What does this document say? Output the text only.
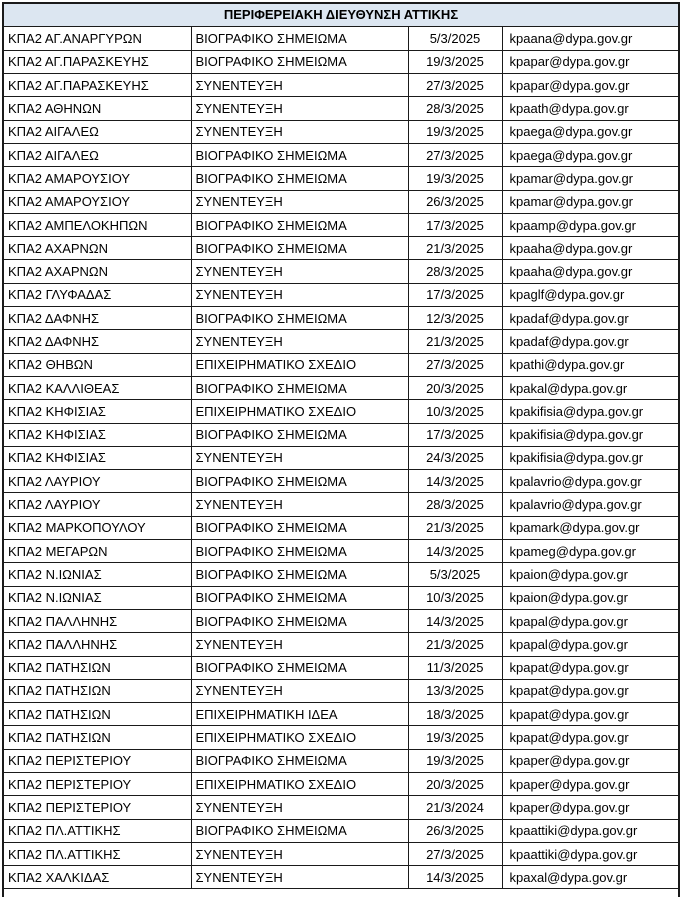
ΠΕΡΙΦΕΡΕΙΑΚΗ ΔΙΕΥΘΥΝΣΗ ΑΤΤΙΚΗΣ
ΚΠΑ2 ΑΓ.ΑΝΑΡΓΥΡΩΝ	ΒΙΟΓΡΑΦΙΚΟ ΣΗΜΕΙΩΜΑ	5/3/2025	kpaana@dypa.gov.gr
ΚΠΑ2 ΑΓ.ΠΑΡΑΣΚΕΥΗΣ	ΒΙΟΓΡΑΦΙΚΟ ΣΗΜΕΙΩΜΑ	19/3/2025	kpapar@dypa.gov.gr
ΚΠΑ2 ΑΓ.ΠΑΡΑΣΚΕΥΗΣ	ΣΥΝΕΝΤΕΥΞΗ	27/3/2025	kpapar@dypa.gov.gr
ΚΠΑ2 ΑΘΗΝΩΝ	ΣΥΝΕΝΤΕΥΞΗ	28/3/2025	kpaath@dypa.gov.gr
ΚΠΑ2 ΑΙΓΑΛΕΩ	ΣΥΝΕΝΤΕΥΞΗ	19/3/2025	kpaega@dypa.gov.gr
ΚΠΑ2 ΑΙΓΑΛΕΩ	ΒΙΟΓΡΑΦΙΚΟ ΣΗΜΕΙΩΜΑ	27/3/2025	kpaega@dypa.gov.gr
ΚΠΑ2 ΑΜΑΡΟΥΣΙΟΥ	ΒΙΟΓΡΑΦΙΚΟ ΣΗΜΕΙΩΜΑ	19/3/2025	kpamar@dypa.gov.gr
ΚΠΑ2 ΑΜΑΡΟΥΣΙΟΥ	ΣΥΝΕΝΤΕΥΞΗ	26/3/2025	kpamar@dypa.gov.gr
ΚΠΑ2 ΑΜΠΕΛΟΚΗΠΩΝ	ΒΙΟΓΡΑΦΙΚΟ ΣΗΜΕΙΩΜΑ	17/3/2025	kpaamp@dypa.gov.gr
ΚΠΑ2 ΑΧΑΡΝΩΝ	ΒΙΟΓΡΑΦΙΚΟ ΣΗΜΕΙΩΜΑ	21/3/2025	kpaaha@dypa.gov.gr
ΚΠΑ2 ΑΧΑΡΝΩΝ	ΣΥΝΕΝΤΕΥΞΗ	28/3/2025	kpaaha@dypa.gov.gr
ΚΠΑ2 ΓΛΥΦΑΔΑΣ	ΣΥΝΕΝΤΕΥΞΗ	17/3/2025	kpaglf@dypa.gov.gr
ΚΠΑ2 ΔΑΦΝΗΣ	ΒΙΟΓΡΑΦΙΚΟ ΣΗΜΕΙΩΜΑ	12/3/2025	kpadaf@dypa.gov.gr
ΚΠΑ2 ΔΑΦΝΗΣ	ΣΥΝΕΝΤΕΥΞΗ	21/3/2025	kpadaf@dypa.gov.gr
ΚΠΑ2 ΘΗΒΩΝ	ΕΠΙΧΕΙΡΗΜΑΤΙΚΟ ΣΧΕΔΙΟ	27/3/2025	kpathi@dypa.gov.gr
ΚΠΑ2 ΚΑΛΛΙΘΕΑΣ	ΒΙΟΓΡΑΦΙΚΟ ΣΗΜΕΙΩΜΑ	20/3/2025	kpakal@dypa.gov.gr
ΚΠΑ2 ΚΗΦΙΣΙΑΣ	ΕΠΙΧΕΙΡΗΜΑΤΙΚΟ ΣΧΕΔΙΟ	10/3/2025	kpakifisia@dypa.gov.gr
ΚΠΑ2 ΚΗΦΙΣΙΑΣ	ΒΙΟΓΡΑΦΙΚΟ ΣΗΜΕΙΩΜΑ	17/3/2025	kpakifisia@dypa.gov.gr
ΚΠΑ2 ΚΗΦΙΣΙΑΣ	ΣΥΝΕΝΤΕΥΞΗ	24/3/2025	kpakifisia@dypa.gov.gr
ΚΠΑ2 ΛΑΥΡΙΟΥ	ΒΙΟΓΡΑΦΙΚΟ ΣΗΜΕΙΩΜΑ	14/3/2025	kpalavrio@dypa.gov.gr
ΚΠΑ2 ΛΑΥΡΙΟΥ	ΣΥΝΕΝΤΕΥΞΗ	28/3/2025	kpalavrio@dypa.gov.gr
ΚΠΑ2 ΜΑΡΚΟΠΟΥΛΟΥ	ΒΙΟΓΡΑΦΙΚΟ ΣΗΜΕΙΩΜΑ	21/3/2025	kpamark@dypa.gov.gr
ΚΠΑ2 ΜΕΓΑΡΩΝ	ΒΙΟΓΡΑΦΙΚΟ ΣΗΜΕΙΩΜΑ	14/3/2025	kpameg@dypa.gov.gr
ΚΠΑ2 Ν.ΙΩΝΙΑΣ	ΒΙΟΓΡΑΦΙΚΟ ΣΗΜΕΙΩΜΑ	5/3/2025	kpaion@dypa.gov.gr
ΚΠΑ2 Ν.ΙΩΝΙΑΣ	ΒΙΟΓΡΑΦΙΚΟ ΣΗΜΕΙΩΜΑ	10/3/2025	kpaion@dypa.gov.gr
ΚΠΑ2 ΠΑΛΛΗΝΗΣ	ΒΙΟΓΡΑΦΙΚΟ ΣΗΜΕΙΩΜΑ	14/3/2025	kpapal@dypa.gov.gr
ΚΠΑ2 ΠΑΛΛΗΝΗΣ	ΣΥΝΕΝΤΕΥΞΗ	21/3/2025	kpapal@dypa.gov.gr
ΚΠΑ2 ΠΑΤΗΣΙΩΝ	ΒΙΟΓΡΑΦΙΚΟ ΣΗΜΕΙΩΜΑ	11/3/2025	kpapat@dypa.gov.gr
ΚΠΑ2 ΠΑΤΗΣΙΩΝ	ΣΥΝΕΝΤΕΥΞΗ	13/3/2025	kpapat@dypa.gov.gr
ΚΠΑ2 ΠΑΤΗΣΙΩΝ	ΕΠΙΧΕΙΡΗΜΑΤΙΚΗ ΙΔΕΑ	18/3/2025	kpapat@dypa.gov.gr
ΚΠΑ2 ΠΑΤΗΣΙΩΝ	ΕΠΙΧΕΙΡΗΜΑΤΙΚΟ ΣΧΕΔΙΟ	19/3/2025	kpapat@dypa.gov.gr
ΚΠΑ2 ΠΕΡΙΣΤΕΡΙΟΥ	ΒΙΟΓΡΑΦΙΚΟ ΣΗΜΕΙΩΜΑ	19/3/2025	kpaper@dypa.gov.gr
ΚΠΑ2 ΠΕΡΙΣΤΕΡΙΟΥ	ΕΠΙΧΕΙΡΗΜΑΤΙΚΟ ΣΧΕΔΙΟ	20/3/2025	kpaper@dypa.gov.gr
ΚΠΑ2 ΠΕΡΙΣΤΕΡΙΟΥ	ΣΥΝΕΝΤΕΥΞΗ	21/3/2024	kpaper@dypa.gov.gr
ΚΠΑ2 ΠΛ.ΑΤΤΙΚΗΣ	ΒΙΟΓΡΑΦΙΚΟ ΣΗΜΕΙΩΜΑ	26/3/2025	kpaattiki@dypa.gov.gr
ΚΠΑ2 ΠΛ.ΑΤΤΙΚΗΣ	ΣΥΝΕΝΤΕΥΞΗ	27/3/2025	kpaattiki@dypa.gov.gr
ΚΠΑ2 ΧΑΛΚΙΔΑΣ	ΣΥΝΕΝΤΕΥΞΗ	14/3/2025	kpaxal@dypa.gov.gr
